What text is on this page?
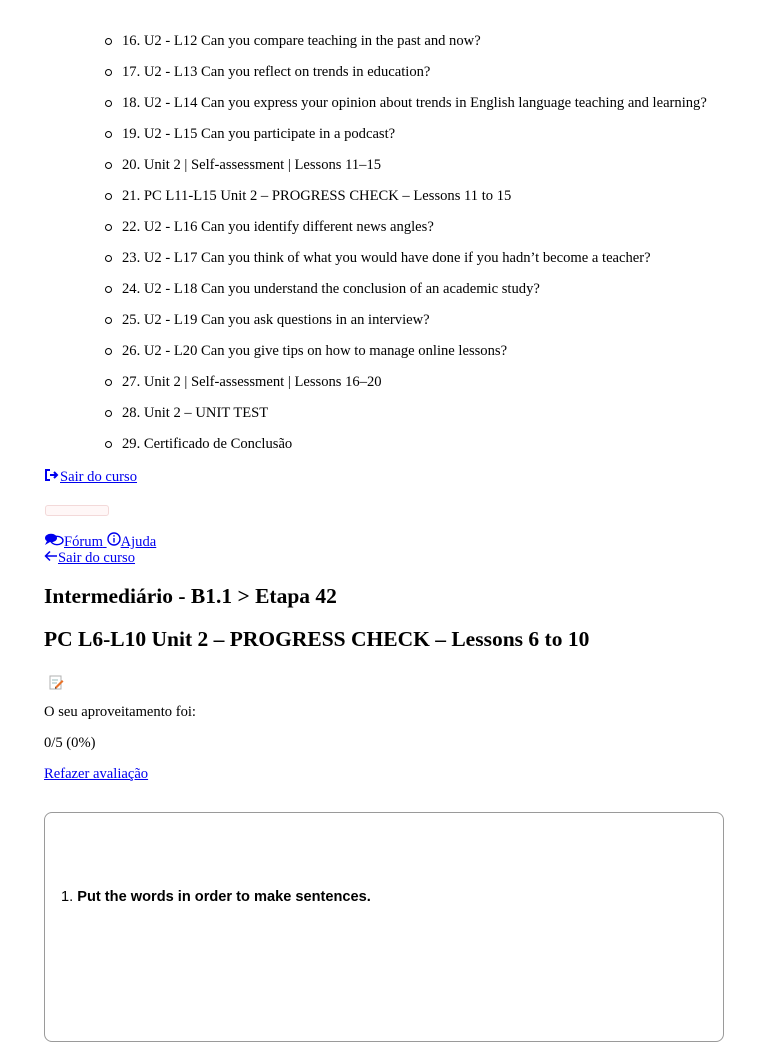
16. U2 - L12 Can you compare teaching in the past and now?
17. U2 - L13 Can you reflect on trends in education?
18. U2 - L14 Can you express your opinion about trends in English language teaching and learning?
19. U2 - L15 Can you participate in a podcast?
20. Unit 2 | Self-assessment | Lessons 11–15
21. PC L11-L15 Unit 2 – PROGRESS CHECK – Lessons 11 to 15
22. U2 - L16 Can you identify different news angles?
23. U2 - L17 Can you think of what you would have done if you hadn’t become a teacher?
24. U2 - L18 Can you understand the conclusion of an academic study?
25. U2 - L19 Can you ask questions in an interview?
26. U2 - L20 Can you give tips on how to manage online lessons?
27. Unit 2 | Self-assessment | Lessons 16–20
28. Unit 2 – UNIT TEST
29. Certificado de Conclusão
Sair do curso
Fórum Ajuda
Sair do curso
Intermediário - B1.1 > Etapa 42
PC L6-L10 Unit 2 – PROGRESS CHECK – Lessons 6 to 10
O seu aproveitamento foi:
0/5 (0%)
Refazer avaliação
1. Put the words in order to make sentences.
